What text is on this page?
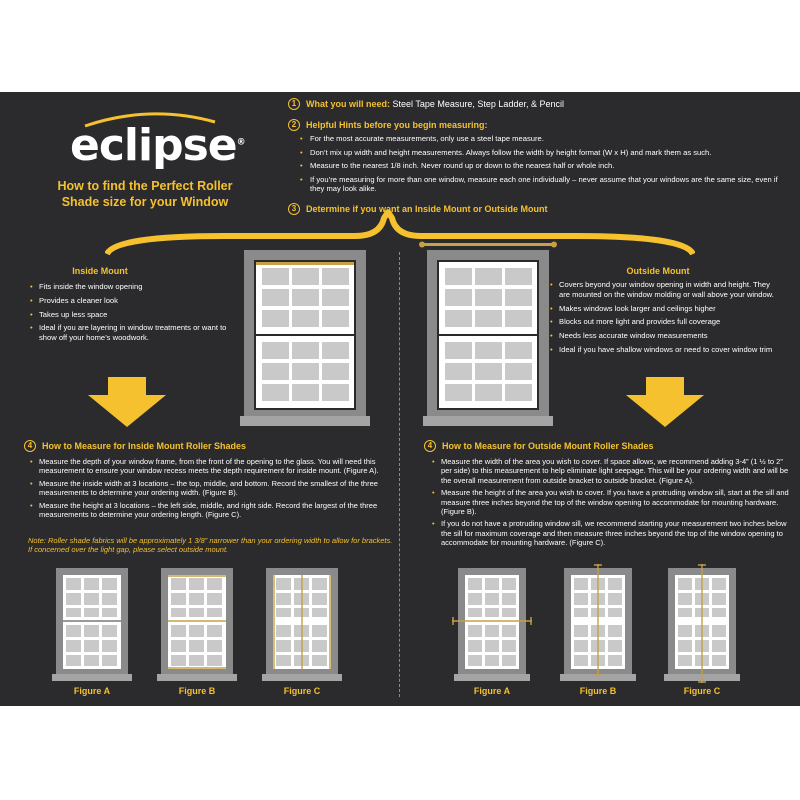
eclipse®
How to find the Perfect Roller
Shade size for your Window
1 What you will need: Steel Tape Measure, Step Ladder, & Pencil
2 Helpful Hints before you begin measuring:
• For the most accurate measurements, only use a steel tape measure.
• Don’t mix up width and height measurements. Always follow the width by height format (W x H) and mark them as such.
• Measure to the nearest 1/8 inch. Never round up or down to the nearest half or whole inch.
• If you’re measuring for more than one window, measure each one individually – never assume that your windows are the same size, even if they may look alike.
3 Determine if you want an Inside Mount or Outside Mount
Inside Mount
• Fits inside the window opening
• Provides a cleaner look
• Takes up less space
• Ideal if you are layering in window treatments or want to show off your home’s woodwork.
Outside Mount
• Covers beyond your window opening in width and height. They are mounted on the window molding or wall above your window.
• Makes windows look larger and ceilings higher
• Blocks out more light and provides full coverage
• Needs less accurate window measurements
• Ideal if you have shallow windows or need to cover window trim
4 How to Measure for Inside Mount Roller Shades
• Measure the depth of your window frame, from the front of the opening to the glass. You will need this measurement to ensure your window recess meets the depth requirement for inside mount. (Figure A).
• Measure the inside width at 3 locations – the top, middle, and bottom. Record the smallest of the three measurements to determine your ordering width. (Figure B).
• Measure the height at 3 locations – the left side, middle, and right side. Record the largest of the three measurements to determine your ordering length. (Figure C).
Note: Roller shade fabrics will be approximately 1 3/8” narrower than your ordering width to allow for brackets. If concerned over the light gap, please select outside mount.
4 How to Measure for Outside Mount Roller Shades
• Measure the width of the area you wish to cover. If space allows, we recommend adding 3-4” (1 ½ to 2” per side) to this measurement to help eliminate light seepage. This will be your ordering width and will be the overall measurement from outside bracket to outside bracket. (Figure A).
• Measure the height of the area you wish to cover. If you have a protruding window sill, start at the sill and measure three inches beyond the top of the window opening to accommodate for mounting hardware. (Figure B).
• If you do not have a protruding window sill, we recommend starting your measurement two inches below the sill for maximum coverage and then measure three inches beyond the top of the window opening to accommodate for mounting hardware. (Figure C).
Figure A	Figure B	Figure C	Figure A	Figure B	Figure C
